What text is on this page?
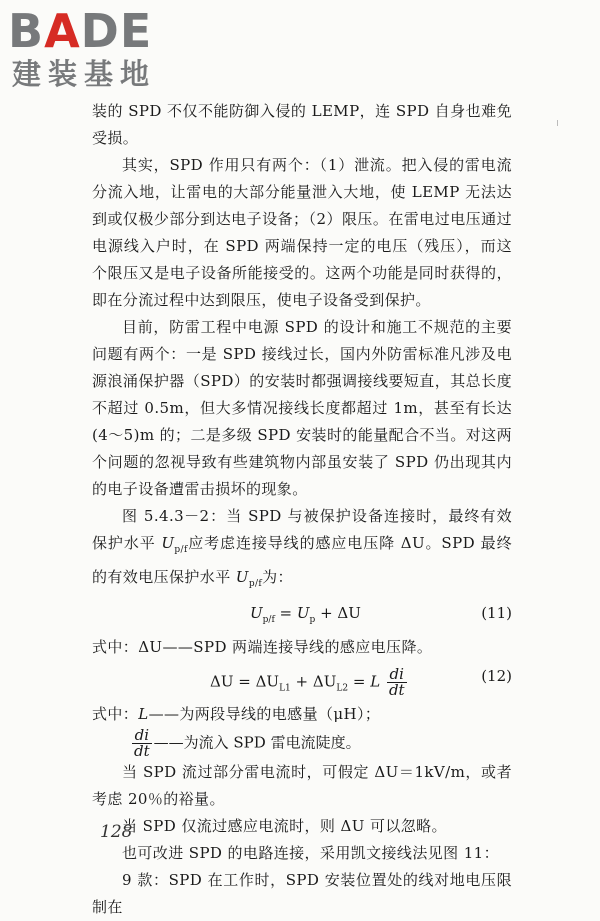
BADE
建装基地

装的 SPD 不仅不能防御入侵的 LEMP，连 SPD 自身也难免受损。

其实，SPD 作用只有两个：（1）泄流。把入侵的雷电流分流入地，让雷电的大部分能量泄入大地，使 LEMP 无法达到或仅极少部分到达电子设备；（2）限压。在雷电过电压通过电源线入户时，在 SPD 两端保持一定的电压（残压），而这个限压又是电子设备所能接受的。这两个功能是同时获得的，即在分流过程中达到限压，使电子设备受到保护。

目前，防雷工程中电源 SPD 的设计和施工不规范的主要问题有两个：一是 SPD 接线过长，国内外防雷标准凡涉及电源浪涌保护器（SPD）的安装时都强调接线要短直，其总长度不超过 0.5m，但大多情况接线长度都超过 1m，甚至有长达(4～5)m 的；二是多级 SPD 安装时的能量配合不当。对这两个问题的忽视导致有些建筑物内部虽安装了 SPD 仍出现其内的电子设备遭雷击损坏的现象。

图 5.4.3－2：当 SPD 与被保护设备连接时，最终有效保护水平 $U_{p/f}$应考虑连接导线的感应电压降 ΔU。SPD 最终的有效电压保护水平 $U_{p/f}$为：

$U_{p/f} = U_p + \Delta U$	(11)

式中：ΔU——SPD 两端连接导线的感应电压降。

$\Delta U = \Delta U_{L1} + \Delta U_{L2} = L \frac{di}{dt}$	(12)

式中：L——为两段导线的电感量（μH）；

$\frac{di}{dt}$ ——为流入 SPD 雷电流陡度。

当 SPD 流过部分雷电流时，可假定 ΔU＝1kV/m，或者考虑 20％的裕量。

当 SPD 仅流过感应电流时，则 ΔU 可以忽略。

也可改进 SPD 的电路连接，采用凯文接线法见图 11：

9 款：SPD 在工作时，SPD 安装位置处的线对地电压限制在

128
